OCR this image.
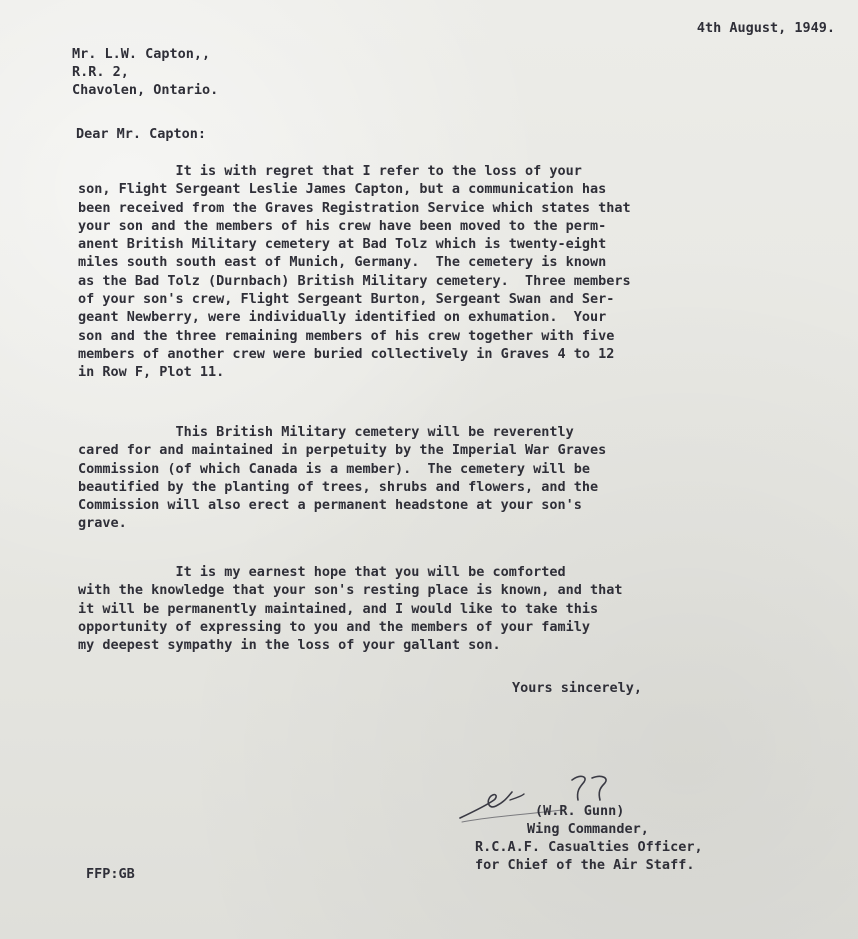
4th August, 1949.
Mr. L.W. Capton,,
R.R. 2,
Chavolen, Ontario.
Dear Mr. Capton:
It is with regret that I refer to the loss of your
son, Flight Sergeant Leslie James Capton, but a communication has
been received from the Graves Registration Service which states that
your son and the members of his crew have been moved to the perm-
anent British Military cemetery at Bad Tolz which is twenty-eight
miles south south east of Munich, Germany.  The cemetery is known
as the Bad Tolz (Durnbach) British Military cemetery.  Three members
of your son's crew, Flight Sergeant Burton, Sergeant Swan and Ser-
geant Newberry, were individually identified on exhumation.  Your
son and the three remaining members of his crew together with five
members of another crew were buried collectively in Graves 4 to 12
in Row F, Plot 11.
This British Military cemetery will be reverently
cared for and maintained in perpetuity by the Imperial War Graves
Commission (of which Canada is a member).  The cemetery will be
beautified by the planting of trees, shrubs and flowers, and the
Commission will also erect a permanent headstone at your son's
grave.
It is my earnest hope that you will be comforted
with the knowledge that your son's resting place is known, and that
it will be permanently maintained, and I would like to take this
opportunity of expressing to you and the members of your family
my deepest sympathy in the loss of your gallant son.
Yours sincerely,
(W.R. Gunn)
Wing Commander,
R.C.A.F. Casualties Officer,
for Chief of the Air Staff.
FFP:GB
